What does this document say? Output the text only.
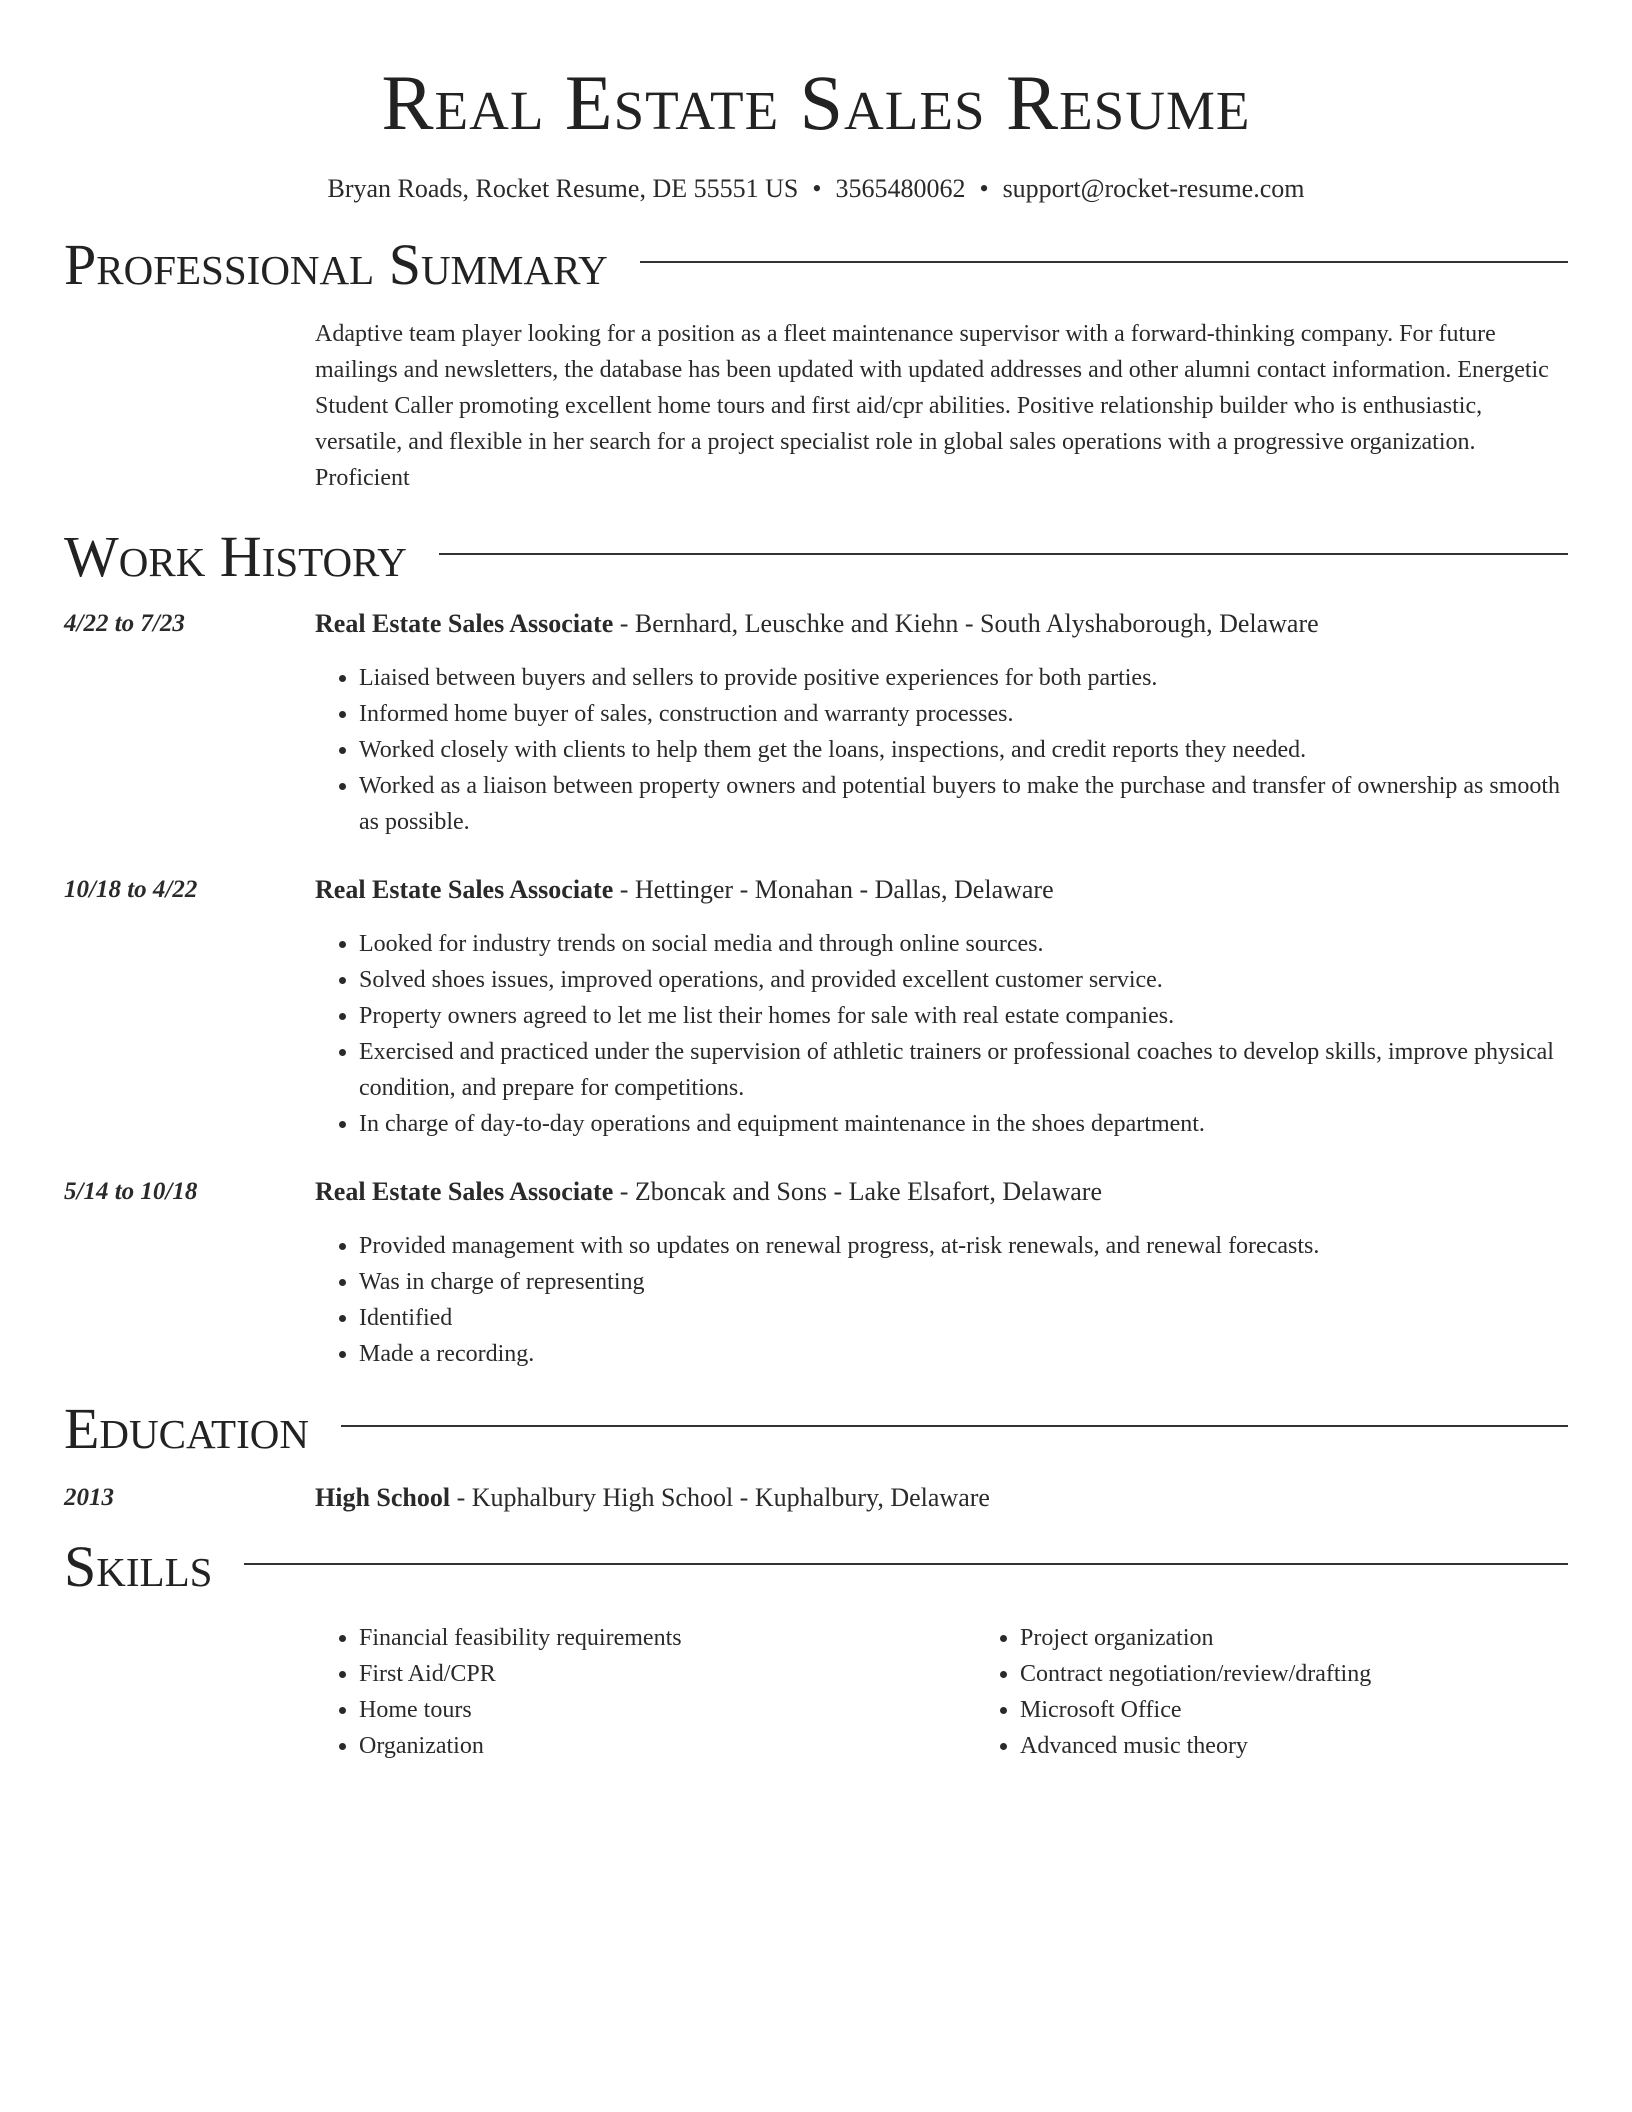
Real Estate Sales Resume
Bryan Roads, Rocket Resume, DE 55551 US • 3565480062 • support@rocket-resume.com
Professional Summary
Adaptive team player looking for a position as a fleet maintenance supervisor with a forward-thinking company. For future mailings and newsletters, the database has been updated with updated addresses and other alumni contact information. Energetic Student Caller promoting excellent home tours and first aid/cpr abilities. Positive relationship builder who is enthusiastic, versatile, and flexible in her search for a project specialist role in global sales operations with a progressive organization. Proficient
Work History
4/22 to 7/23	Real Estate Sales Associate - Bernhard, Leuschke and Kiehn - South Alyshaborough, Delaware
• Liaised between buyers and sellers to provide positive experiences for both parties.
• Informed home buyer of sales, construction and warranty processes.
• Worked closely with clients to help them get the loans, inspections, and credit reports they needed.
• Worked as a liaison between property owners and potential buyers to make the purchase and transfer of ownership as smooth as possible.
10/18 to 4/22	Real Estate Sales Associate - Hettinger - Monahan - Dallas, Delaware
• Looked for industry trends on social media and through online sources.
• Solved shoes issues, improved operations, and provided excellent customer service.
• Property owners agreed to let me list their homes for sale with real estate companies.
• Exercised and practiced under the supervision of athletic trainers or professional coaches to develop skills, improve physical condition, and prepare for competitions.
• In charge of day-to-day operations and equipment maintenance in the shoes department.
5/14 to 10/18	Real Estate Sales Associate - Zboncak and Sons - Lake Elsafort, Delaware
• Provided management with so updates on renewal progress, at-risk renewals, and renewal forecasts.
• Was in charge of representing
• Identified
• Made a recording.
Education
2013	High School - Kuphalbury High School - Kuphalbury, Delaware
Skills
• Financial feasibility requirements
• First Aid/CPR
• Home tours
• Organization
• Project organization
• Contract negotiation/review/drafting
• Microsoft Office
• Advanced music theory
